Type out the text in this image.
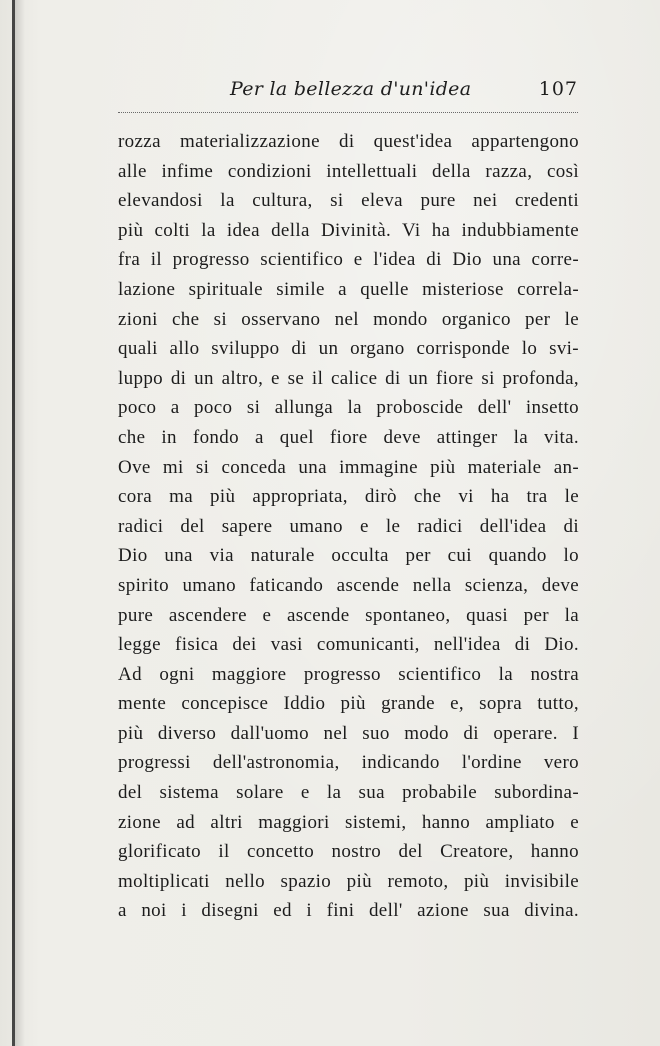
Per la bellezza d'un'idea	107
rozza materializzazione di quest'idea appartengono
alle infime condizioni intellettuali della razza, così
elevandosi la cultura, si eleva pure nei credenti
più colti la idea della Divinità. Vi ha indubbiamente
fra il progresso scientifico e l'idea di Dio una corre-
lazione spirituale simile a quelle misteriose correla-
zioni che si osservano nel mondo organico per le
quali allo sviluppo di un organo corrisponde lo svi-
luppo di un altro, e se il calice di un fiore si profonda,
poco a poco si allunga la proboscide dell' insetto
che in fondo a quel fiore deve attinger la vita.
Ove mi si conceda una immagine più materiale an-
cora ma più appropriata, dirò che vi ha tra le
radici del sapere umano e le radici dell'idea di
Dio una via naturale occulta per cui quando lo
spirito umano faticando ascende nella scienza, deve
pure ascendere e ascende spontaneo, quasi per la
legge fisica dei vasi comunicanti, nell'idea di Dio.
Ad ogni maggiore progresso scientifico la nostra
mente concepisce Iddio più grande e, sopra tutto,
più diverso dall'uomo nel suo modo di operare. I
progressi dell'astronomia, indicando l'ordine vero
del sistema solare e la sua probabile subordina-
zione ad altri maggiori sistemi, hanno ampliato e
glorificato il concetto nostro del Creatore, hanno
moltiplicati nello spazio più remoto, più invisibile
a noi i disegni ed i fini dell' azione sua divina.
